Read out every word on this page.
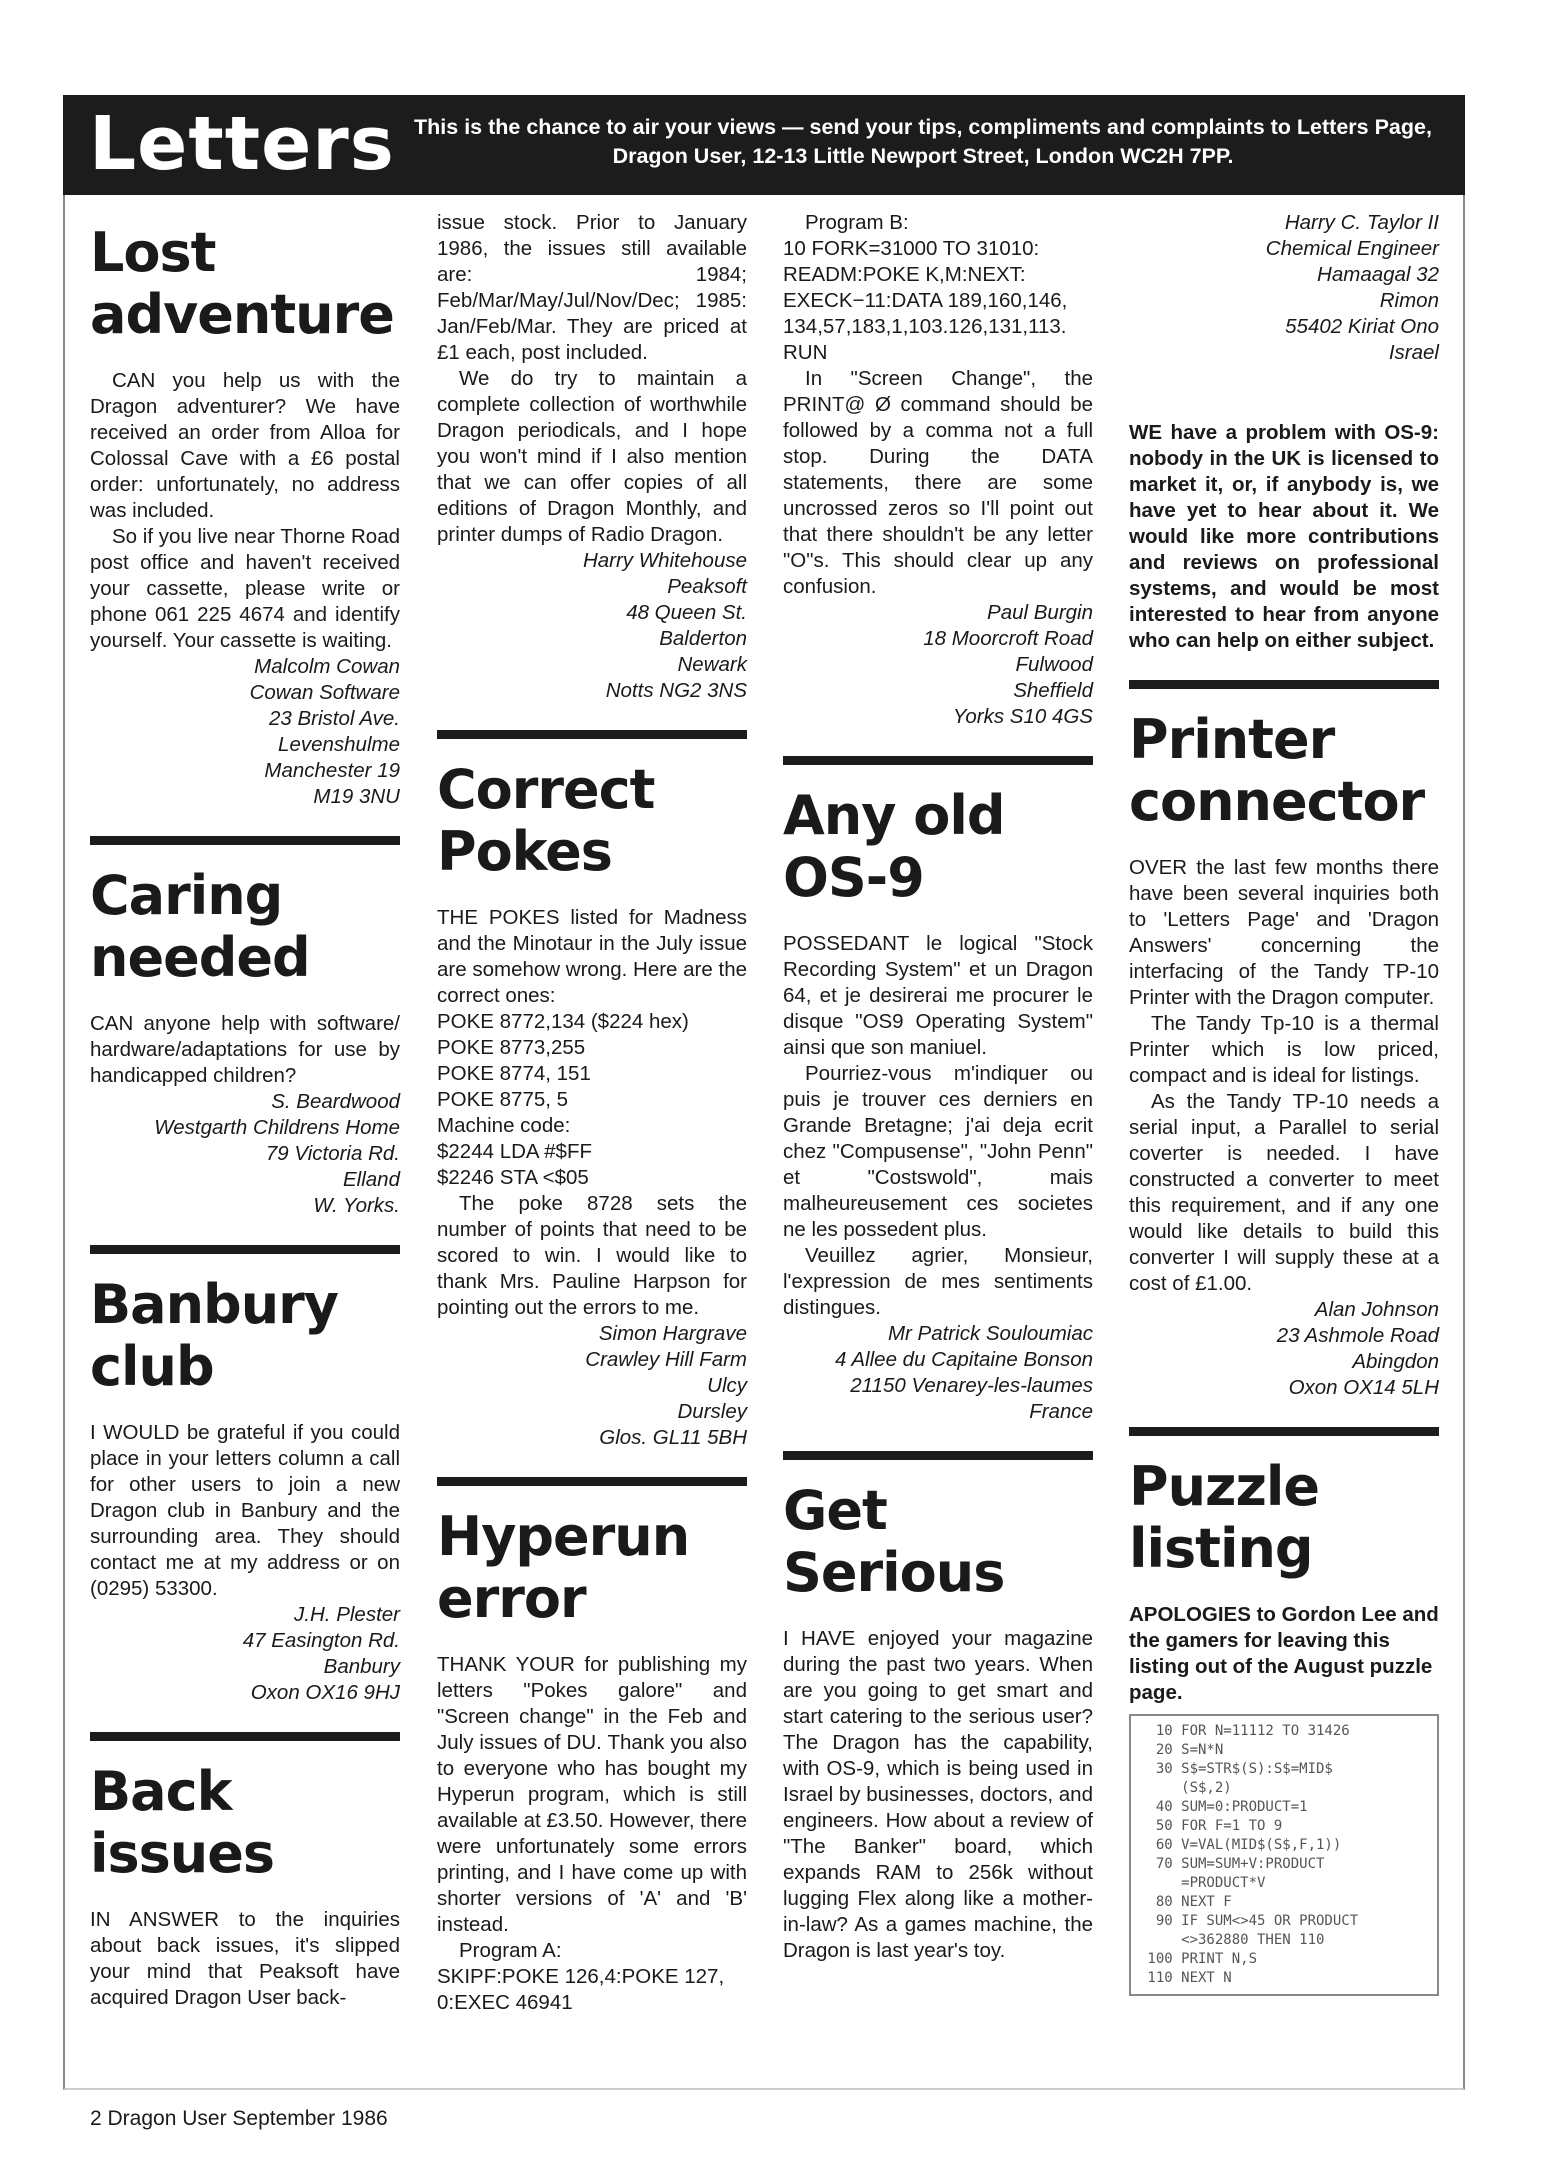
Letters This is the chance to air your views — send your tips, compliments and complaints to Letters Page, Dragon User, 12-13 Little Newport Street, London WC2H 7PP.
Lost adventure

CAN you help us with the Dragon adventurer? We have received an order from Alloa for Colossal Cave with a £6 postal order: unfortunately, no address was included.

So if you live near Thorne Road post office and haven't received your cassette, please write or phone 061 225 4674 and identify yourself. Your cassette is waiting.

Malcolm Cowan
Cowan Software
23 Bristol Ave.
Levenshulme
Manchester 19
M19 3NU
Caring needed

CAN anyone help with software/ hardware/adaptations for use by handicapped children?

S. Beardwood
Westgarth Childrens Home
79 Victoria Rd.
Elland
W. Yorks.
Banbury club

I WOULD be grateful if you could place in your letters column a call for other users to join a new Dragon club in Banbury and the surrounding area. They should contact me at my address or on (0295) 53300.

J.H. Plester
47 Easington Rd.
Banbury
Oxon OX16 9HJ
Back issues

IN ANSWER to the inquiries about back issues, it's slipped your mind that Peaksoft have acquired Dragon User back-

issue stock. Prior to January 1986, the issues still available are: 1984; Feb/Mar/May/Jul/Nov/Dec; 1985: Jan/Feb/Mar. They are priced at £1 each, post included.

We do try to maintain a complete collection of worthwhile Dragon periodicals, and I hope you won't mind if I also mention that we can offer copies of all editions of Dragon Monthly, and printer dumps of Radio Dragon.

Harry Whitehouse
Peaksoft
48 Queen St.
Balderton
Newark
Notts NG2 3NS
Correct Pokes

THE POKES listed for Madness and the Minotaur in the July issue are somehow wrong. Here are the correct ones:

POKE 8772,134 ($224 hex)
POKE 8773,255
POKE 8774, 151
POKE 8775, 5
Machine code:
$2244 LDA #$FF
$2246 STA <$05

The poke 8728 sets the number of points that need to be scored to win. I would like to thank Mrs. Pauline Harpson for pointing out the errors to me.

Simon Hargrave
Crawley Hill Farm
Ulcy
Dursley
Glos. GL11 5BH
Hyperun error

THANK YOUR for publishing my letters "Pokes galore" and "Screen change" in the Feb and July issues of DU. Thank you also to everyone who has bought my Hyperun program, which is still available at £3.50. However, there were unfortunately some errors printing, and I have come up with shorter versions of 'A' and 'B' instead.

Program A:

SKIPF:POKE 126,4:POKE 127, 0:EXEC 46941

Program B:

10 FORK=31000 TO 31010: READM:POKE K,M:NEXT: EXECK−11:DATA 189,160,146, 134,57,183,1,103.126,131,113. RUN

In "Screen Change", the PRINT@ Ø command should be followed by a comma not a full stop. During the DATA statements, there are some uncrossed zeros so I'll point out that there shouldn't be any letter "O"s. This should clear up any confusion.

Paul Burgin
18 Moorcroft Road
Fulwood
Sheffield
Yorks S10 4GS
Any old OS-9

POSSEDANT le logical "Stock Recording System" et un Dragon 64, et je desirerai me procurer le disque "OS9 Operating System" ainsi que son maniuel.

Pourriez-vous m'indiquer ou puis je trouver ces derniers en Grande Bretagne; j'ai deja ecrit chez "Compusense", "John Penn" et "Costswold", mais malheureusement ces societes ne les possedent plus.

Veuillez agrier, Monsieur, l'expression de mes sentiments distingues.

Mr Patrick Souloumiac
4 Allee du Capitaine Bonson
21150 Venarey-les-laumes
France
Get Serious

I HAVE enjoyed your magazine during the past two years. When are you going to get smart and start catering to the serious user? The Dragon has the capability, with OS-9, which is being used in Israel by businesses, doctors, and engineers. How about a review of "The Banker" board, which expands RAM to 256k without lugging Flex along like a mother-in-law? As a games machine, the Dragon is last year's toy.

Harry C. Taylor II
Chemical Engineer
Hamaagal 32
Rimon
55402 Kiriat Ono
Israel

WE have a problem with OS-9: nobody in the UK is licensed to market it, or, if anybody is, we have yet to hear about it. We would like more contributions and reviews on professional systems, and would be most interested to hear from anyone who can help on either subject.

Printer connector

OVER the last few months there have been several inquiries both to 'Letters Page' and 'Dragon Answers' concerning the interfacing of the Tandy TP-10 Printer with the Dragon computer.

The Tandy Tp-10 is a thermal Printer which is low priced, compact and is ideal for listings.

As the Tandy TP-10 needs a serial input, a Parallel to serial coverter is needed. I have constructed a converter to meet this requirement, and if any one would like details to build this converter I will supply these at a cost of £1.00.

Alan Johnson
23 Ashmole Road
Abingdon
Oxon OX14 5LH
Puzzle listing

APOLOGIES to Gordon Lee and the gamers for leaving this listing out of the August puzzle page.

10 FOR N=11112 TO 31426
20 S=N*N
30 S$=STR$(S):S$=MID$
(S$,2)
40 SUM=0:PRODUCT=1
50 FOR F=1 TO 9
60 V=VAL(MID$(S$,F,1))
70 SUM=SUM+V:PRODUCT
=PRODUCT*V
80 NEXT F
90 IF SUM<>45 OR PRODUCT
<>362880 THEN 110
100 PRINT N,S
110 NEXT N
2 Dragon User September 1986
